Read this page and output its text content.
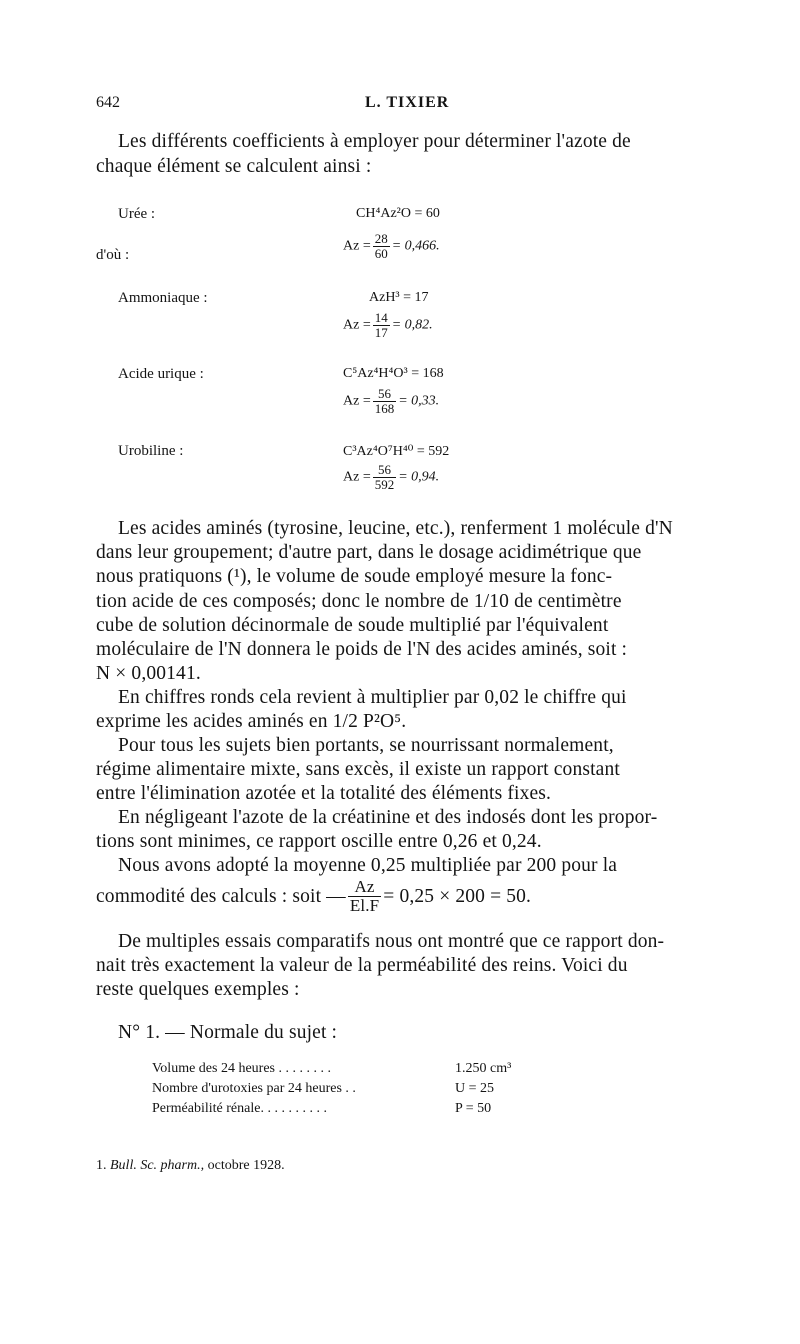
642	L. TIXIER
Les différents coefficients à employer pour déterminer l'azote de
chaque élément se calculent ainsi :
Urée :	CH⁴Az²O = 60
d'où :
$Az = \frac{28}{60} = 0,466$.
Ammoniaque :	AzH³ = 17
$Az = \frac{14}{17} = 0,82$.
Acide urique :	C⁵Az⁴H⁴O³ = 168
$Az = \frac{56}{168} = 0,33$.
Urobiline :	C³Az⁴O⁷H⁴⁰ = 592
$Az = \frac{56}{592} = 0,94$.
Les acides aminés (tyrosine, leucine, etc.), renferment 1 molécule d'N
dans leur groupement; d'autre part, dans le dosage acidimétrique que
nous pratiquons (¹), le volume de soude employé mesure la fonc-
tion acide de ces composés; donc le nombre de 1/10 de centimètre
cube de solution décinormale de soude multiplié par l'équivalent
moléculaire de l'N donnera le poids de l'N des acides aminés, soit :
N × 0,00141.
En chiffres ronds cela revient à multiplier par 0,02 le chiffre qui
exprime les acides aminés en 1/2 P²O⁵.
Pour tous les sujets bien portants, se nourrissant normalement,
régime alimentaire mixte, sans excès, il existe un rapport constant
entre l'élimination azotée et la totalité des éléments fixes.
En négligeant l'azote de la créatinine et des indosés dont les propor-
tions sont minimes, ce rapport oscille entre 0,26 et 0,24.
Nous avons adopté la moyenne 0,25 multipliée par 200 pour la
commodité des calculs : soit — $\frac{Az}{El.F} = 0,25 \times 200 = 50$.
De multiples essais comparatifs nous ont montré que ce rapport don-
nait très exactement la valeur de la perméabilité des reins. Voici du
reste quelques exemples :
N° 1. — Normale du sujet :
Volume des 24 heures . . . . . . . .	1.250 cm³
Nombre d'urotoxies par 24 heures . .	U = 25
Perméabilité rénale. . . . . . . . . .	P = 50
1. Bull. Sc. pharm., octobre 1928.
